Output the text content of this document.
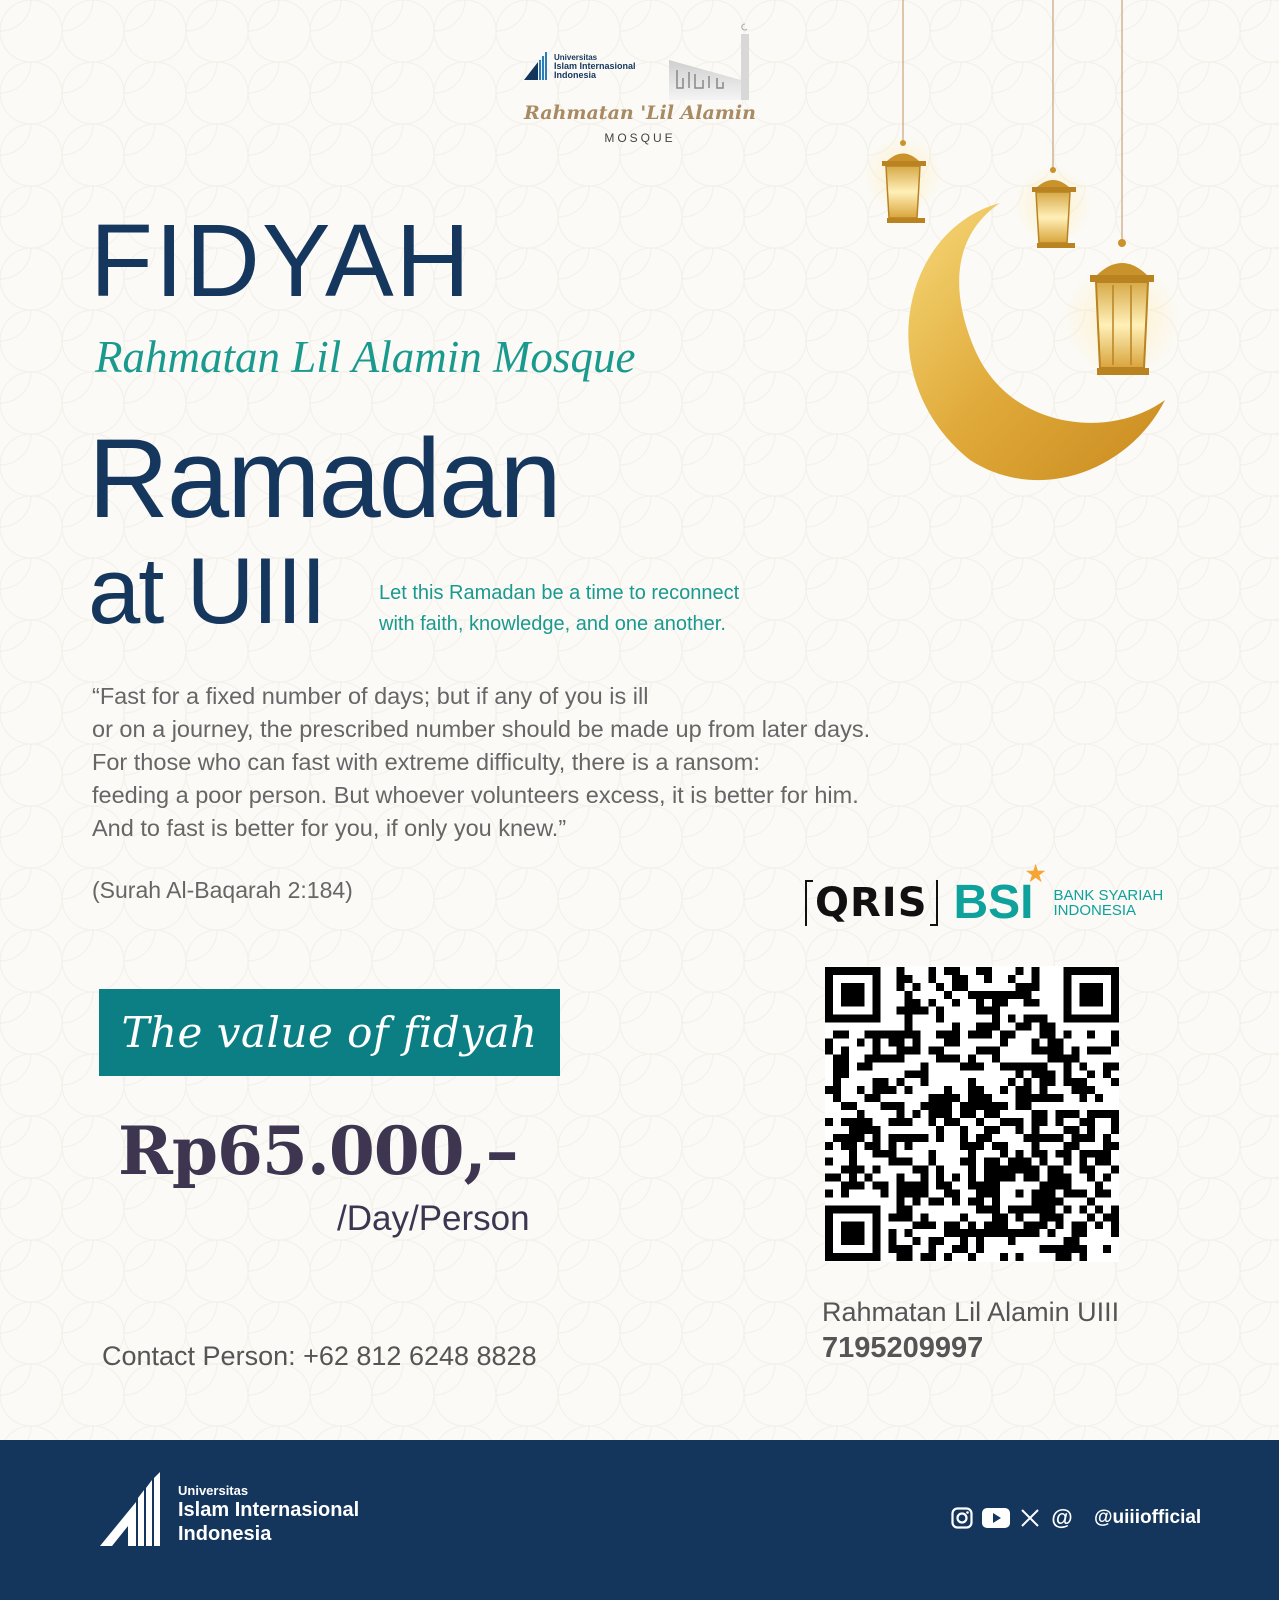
Universitas
Islam Internasional
Indonesia
Rahmatan 'Lil Alamin
MOSQUE
FIDYAH
Rahmatan Lil Alamin Mosque
Ramadan
at UIII	Let this Ramadan be a time to reconnect
with faith, knowledge, and one another.
“Fast for a fixed number of days; but if any of you is ill
or on a journey, the prescribed number should be made up from later days.
For those who can fast with extreme difficulty, there is a ransom:
feeding a poor person. But whoever volunteers excess, it is better for him.
And to fast is better for you, if only you knew.”
(Surah Al-Baqarah 2:184)
The value of fidyah
Rp65.000,–
/Day/Person
Contact Person: +62 812 6248 8828
QRIS BSI
★
BANK SYARIAH
INDONESIA
Rahmatan Lil Alamin UIII
7195209997
Universitas
Islam Internasional
Indonesia
@ @uiiiofficial
